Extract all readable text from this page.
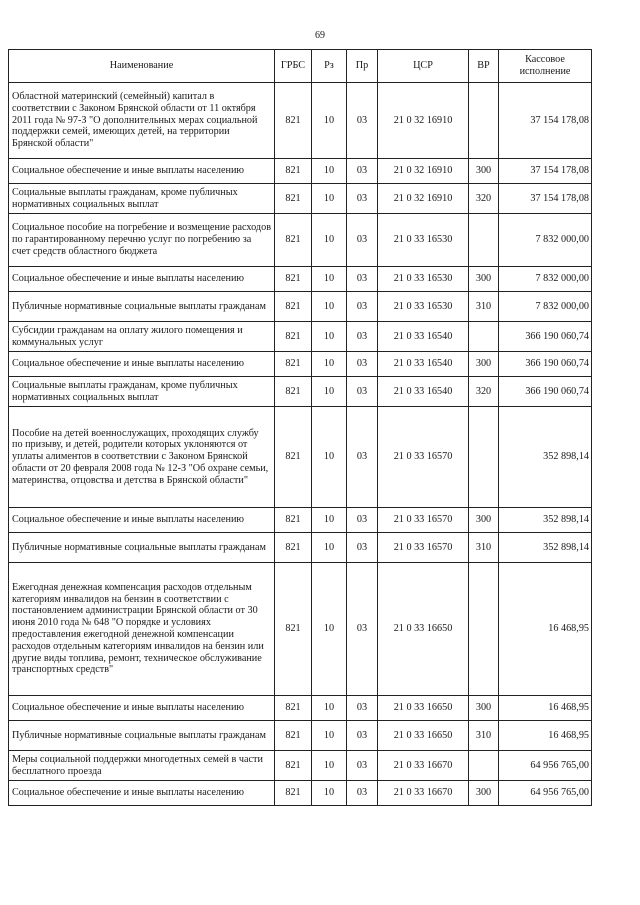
69
Наименование	ГРБС	Рз	Пр	ЦСР	ВР	Кассовое исполнение
Областной материнский (семейный) капитал в соответствии с Законом Брянской области от 11 октября 2011 года № 97-З "О дополнительных мерах социальной поддержки семей, имеющих детей, на территории Брянской области"	821	10	03	21 0 32 16910		37 154 178,08
Социальное обеспечение и иные выплаты населению	821	10	03	21 0 32 16910	300	37 154 178,08
Социальные выплаты гражданам, кроме публичных нормативных социальных выплат	821	10	03	21 0 32 16910	320	37 154 178,08
Социальное пособие на погребение и возмещение расходов по гарантированному перечню услуг по погребению за счет средств областного бюджета	821	10	03	21 0 33 16530		7 832 000,00
Социальное обеспечение и иные выплаты населению	821	10	03	21 0 33 16530	300	7 832 000,00
Публичные нормативные социальные выплаты гражданам	821	10	03	21 0 33 16530	310	7 832 000,00
Субсидии гражданам на оплату жилого помещения и коммунальных услуг	821	10	03	21 0 33 16540		366 190 060,74
Социальное обеспечение и иные выплаты населению	821	10	03	21 0 33 16540	300	366 190 060,74
Социальные выплаты гражданам, кроме публичных нормативных социальных выплат	821	10	03	21 0 33 16540	320	366 190 060,74
Пособие на детей военнослужащих, проходящих службу по призыву, и детей, родители которых уклоняются от уплаты алиментов в соответствии с Законом Брянской области от 20 февраля 2008 года № 12-З "Об охране семьи, материнства, отцовства и детства в Брянской области"	821	10	03	21 0 33 16570		352 898,14
Социальное обеспечение и иные выплаты населению	821	10	03	21 0 33 16570	300	352 898,14
Публичные нормативные социальные выплаты гражданам	821	10	03	21 0 33 16570	310	352 898,14
Ежегодная денежная компенсация расходов отдельным категориям инвалидов на бензин в соответствии с постановлением администрации Брянской области от 30 июня 2010 года № 648 "О порядке и условиях предоставления ежегодной денежной компенсации расходов отдельным категориям инвалидов на бензин или другие виды топлива, ремонт, техническое обслуживание транспортных средств"	821	10	03	21 0 33 16650		16 468,95
Социальное обеспечение и иные выплаты населению	821	10	03	21 0 33 16650	300	16 468,95
Публичные нормативные социальные выплаты гражданам	821	10	03	21 0 33 16650	310	16 468,95
Меры социальной поддержки многодетных семей в части бесплатного проезда	821	10	03	21 0 33 16670		64 956 765,00
Социальное обеспечение и иные выплаты населению	821	10	03	21 0 33 16670	300	64 956 765,00
